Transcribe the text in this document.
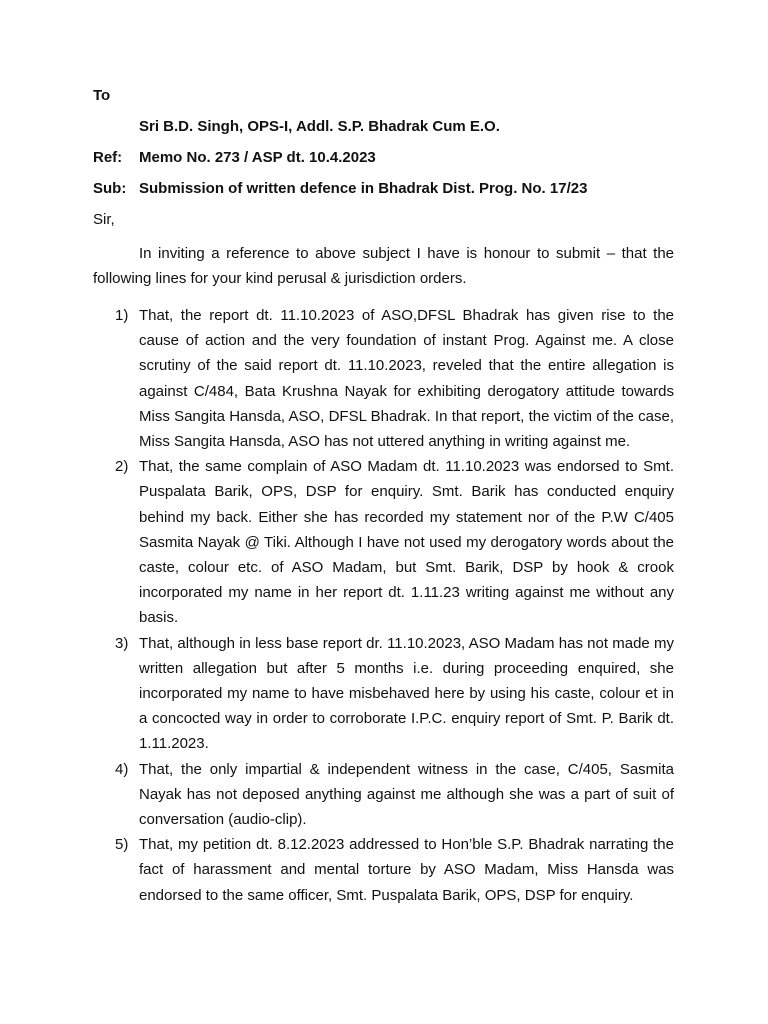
To
Sri B.D. Singh, OPS-I, Addl. S.P. Bhadrak Cum E.O.
Ref:	Memo No. 273 / ASP dt. 10.4.2023
Sub: Submission of written defence in Bhadrak Dist. Prog. No. 17/23
Sir,
In inviting a reference to above subject I have is honour to submit – that the following lines for your kind perusal & jurisdiction orders.
1) That, the report dt. 11.10.2023 of ASO,DFSL Bhadrak has given rise to the cause of action and the very foundation of instant Prog. Against me. A close scrutiny of the said report dt. 11.10.2023, reveled that the entire allegation is against C/484, Bata Krushna Nayak for exhibiting derogatory attitude towards Miss Sangita Hansda, ASO, DFSL Bhadrak. In that report, the victim of the case, Miss Sangita Hansda, ASO has not uttered anything in writing against me.
2) That, the same complain of ASO Madam dt. 11.10.2023 was endorsed to Smt. Puspalata Barik, OPS, DSP for enquiry. Smt. Barik has conducted enquiry behind my back. Either she has recorded my statement nor of the P.W C/405 Sasmita Nayak @ Tiki. Although I have not used my derogatory words about the caste, colour etc. of ASO Madam, but Smt. Barik, DSP by hook & crook incorporated my name in her report dt. 1.11.23 writing against me without any basis.
3) That, although in less base report dr. 11.10.2023, ASO Madam has not made my written allegation but after 5 months i.e. during proceeding enquired, she incorporated my name to have misbehaved here by using his caste, colour et in a concocted way in order to corroborate I.P.C. enquiry report of Smt. P. Barik dt. 1.11.2023.
4) That, the only impartial & independent witness in the case, C/405, Sasmita Nayak has not deposed anything against me although she was a part of suit of conversation (audio-clip).
5) That, my petition dt. 8.12.2023 addressed to Hon’ble S.P. Bhadrak narrating the fact of harassment and mental torture by ASO Madam, Miss Hansda was endorsed to the same officer, Smt. Puspalata Barik, OPS, DSP for enquiry.
